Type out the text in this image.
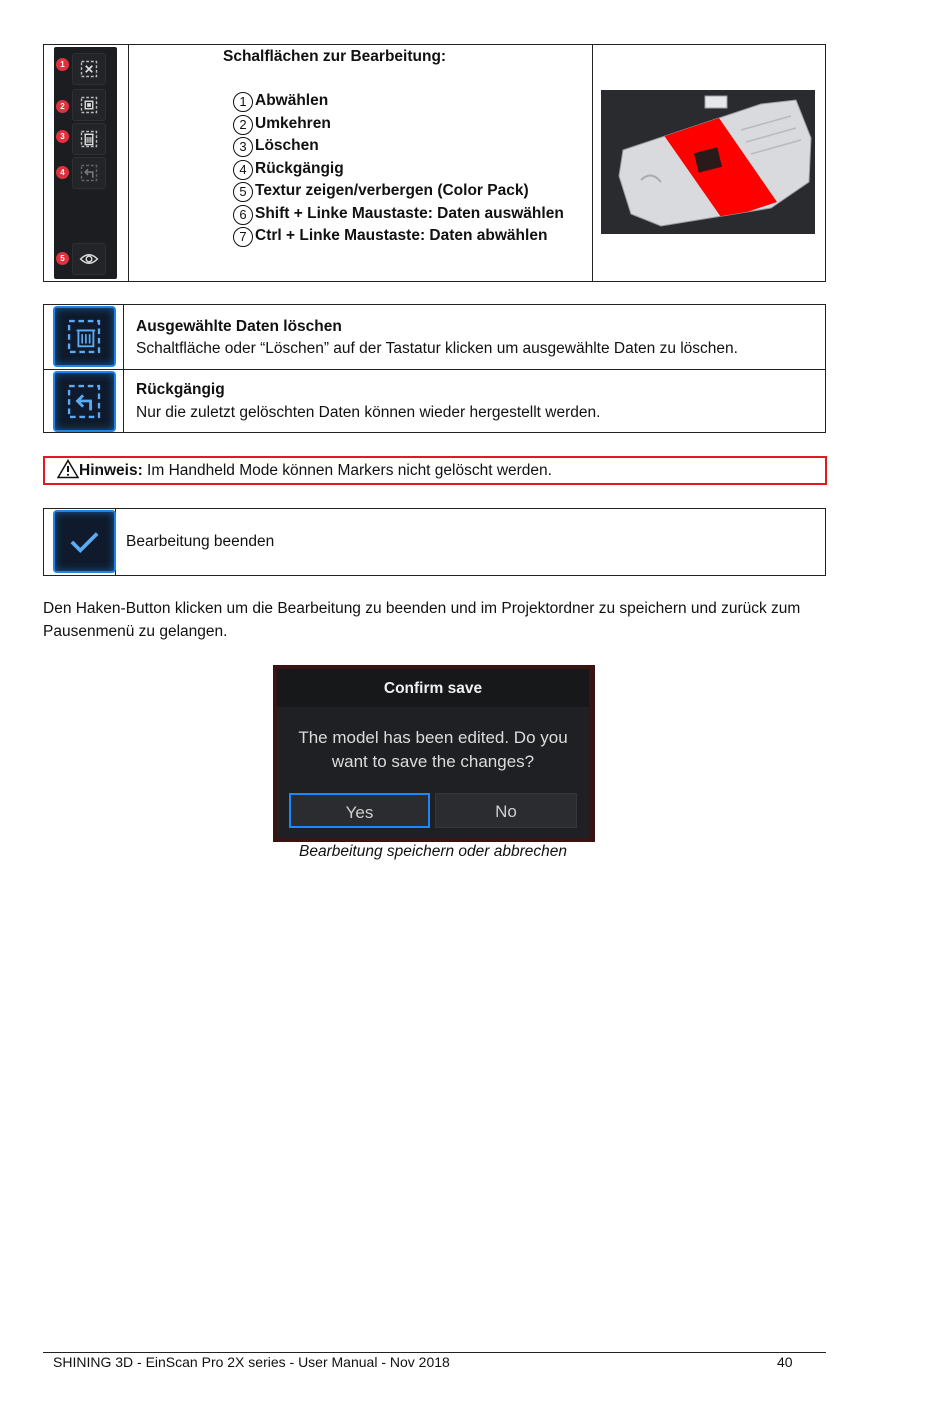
1
2
3
4
5
Schalflächen zur Bearbeitung:
1 Abwählen
2 Umkehren
3 Löschen
4 Rückgängig
5 Textur zeigen/verbergen (Color Pack)
6 Shift + Linke Maustaste: Daten auswählen
7 Ctrl + Linke Maustaste: Daten abwählen
Ausgewählte Daten löschen
Schaltfläche oder “Löschen” auf der Tastatur klicken um ausgewählte Daten zu löschen.
Rückgängig
Nur die zuletzt gelöschten Daten können wieder hergestellt werden.
Hinweis: Im Handheld Mode können Markers nicht gelöscht werden.
Bearbeitung beenden
Den Haken-Button klicken um die Bearbeitung zu beenden und im Projektordner zu speichern und zurück zum Pausenmenü zu gelangen.
Confirm save
The model has been edited. Do you
want to save the changes?
Yes	No
Bearbeitung speichern oder abbrechen
SHINING 3D - EinScan Pro 2X series - User Manual - Nov 2018	40
